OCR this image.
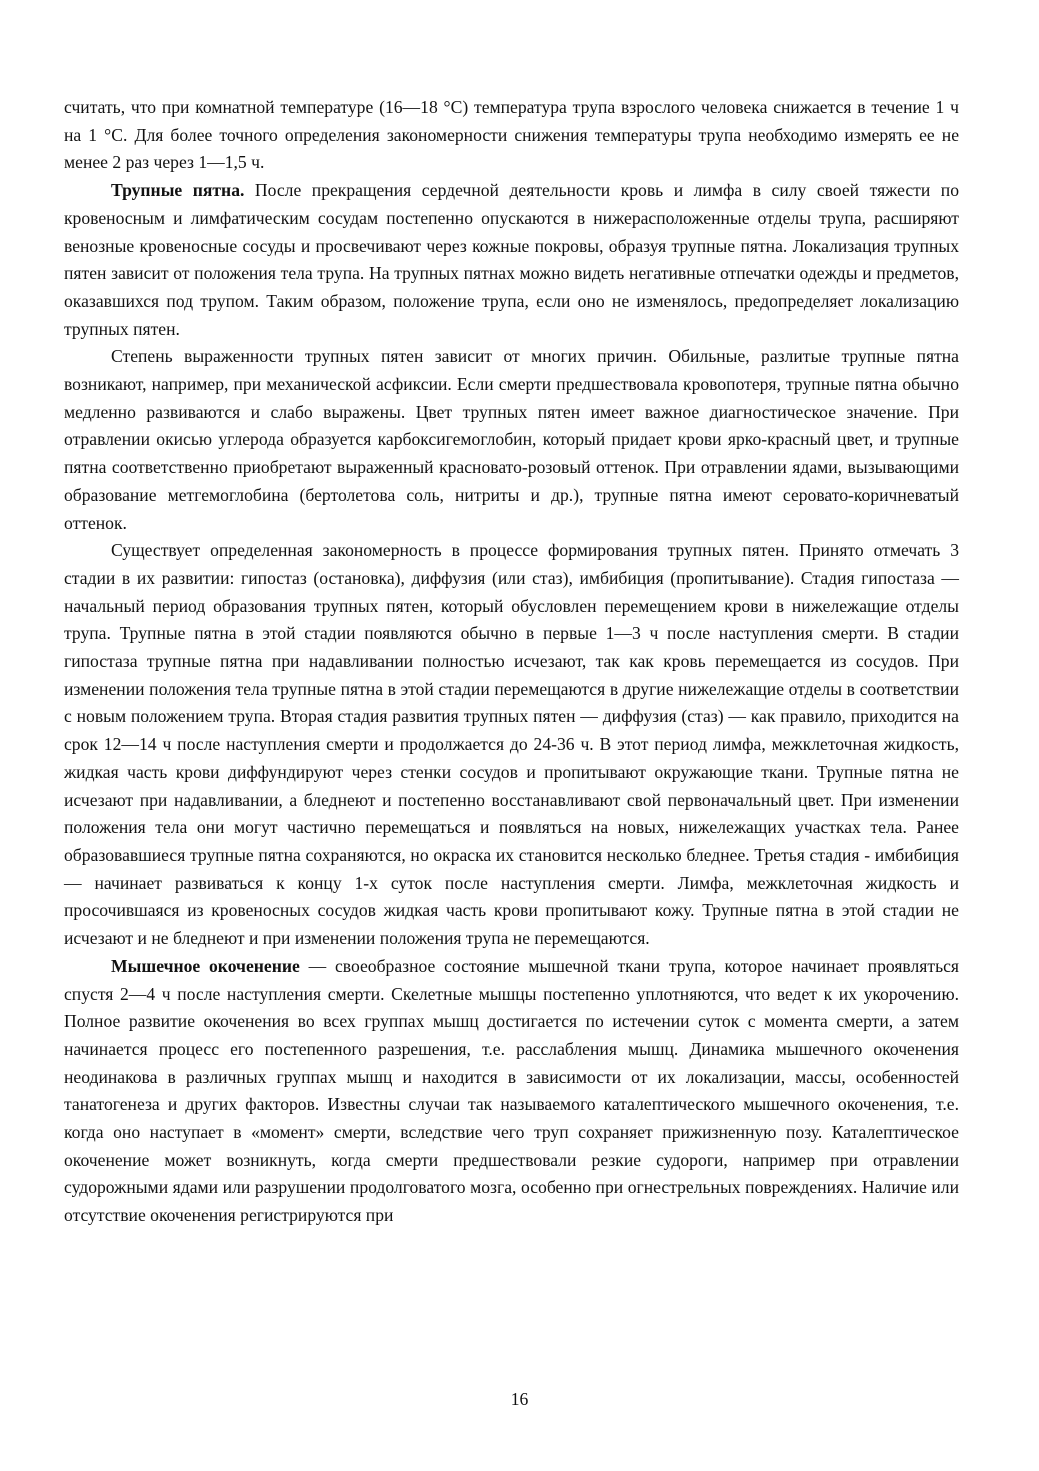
считать, что при комнатной температуре (16—18 °С) температура трупа взрослого человека снижается в течение 1 ч на 1 °С. Для более точного определения закономерности снижения температуры трупа необходимо измерять ее не менее 2 раз через 1—1,5 ч.

Трупные пятна. После прекращения сердечной деятельности кровь и лимфа в силу своей тяжести по кровеносным и лимфатическим сосудам постепенно опускаются в нижерасположенные отделы трупа, расширяют венозные кровеносные сосуды и просвечивают через кожные покровы, образуя трупные пятна. Локализация трупных пятен зависит от положения тела трупа. На трупных пятнах можно видеть негативные отпечатки одежды и предметов, оказавшихся под трупом. Таким образом, положение трупа, если оно не изменялось, предопределяет локализацию трупных пятен.

Степень выраженности трупных пятен зависит от многих причин. Обильные, разлитые трупные пятна возникают, например, при механической асфиксии. Если смерти предшествовала кровопотеря, трупные пятна обычно медленно развиваются и слабо выражены. Цвет трупных пятен имеет важное диагностическое значение. При отравлении окисью углерода образуется карбоксигемоглобин, который придает крови ярко-красный цвет, и трупные пятна соответственно приобретают выраженный красновато-розовый оттенок. При отравлении ядами, вызывающими образование метгемоглобина (бертолетова соль, нитриты и др.), трупные пятна имеют серовато-коричневатый оттенок.

Существует определенная закономерность в процессе формирования трупных пятен. Принято отмечать 3 стадии в их развитии: гипостаз (остановка), диффузия (или стаз), имбибиция (пропитывание). Стадия гипостаза — начальный период образования трупных пятен, который обусловлен перемещением крови в нижележащие отделы трупа. Трупные пятна в этой стадии появляются обычно в первые 1—3 ч после наступления смерти. В стадии гипостаза трупные пятна при надавливании полностью исчезают, так как кровь перемещается из сосудов. При изменении положения тела трупные пятна в этой стадии перемещаются в другие нижележащие отделы в соответствии с новым положением трупа. Вторая стадия развития трупных пятен — диффузия (стаз) — как правило, приходится на срок 12—14 ч после наступления смерти и продолжается до 24-36 ч. В этот период лимфа, межклеточная жидкость, жидкая часть крови диффундируют через стенки сосудов и пропитывают окружающие ткани. Трупные пятна не исчезают при надавливании, а бледнеют и постепенно восстанавливают свой первоначальный цвет. При изменении положения тела они могут частично перемещаться и появляться на новых, нижележащих участках тела. Ранее образовавшиеся трупные пятна сохраняются, но окраска их становится несколько бледнее. Третья стадия - имбибиция — начинает развиваться к концу 1-х суток после наступления смерти. Лимфа, межклеточная жидкость и просочившаяся из кровеносных сосудов жидкая часть крови пропитывают кожу. Трупные пятна в этой стадии не исчезают и не бледнеют и при изменении положения трупа не перемещаются.

Мышечное окоченение — своеобразное состояние мышечной ткани трупа, которое начинает проявляться спустя 2—4 ч после наступления смерти. Скелетные мышцы постепенно уплотняются, что ведет к их укорочению. Полное развитие окоченения во всех группах мышц достигается по истечении суток с момента смерти, а затем начинается процесс его постепенного разрешения, т.е. расслабления мышц. Динамика мышечного окоченения неодинакова в различных группах мышц и находится в зависимости от их локализации, массы, особенностей танатогенеза и других факторов. Известны случаи так называемого каталептического мышечного окоченения, т.е. когда оно наступает в «момент» смерти, вследствие чего труп сохраняет прижизненную позу. Каталептическое окоченение может возникнуть, когда смерти предшествовали резкие судороги, например при отравлении судорожными ядами или разрушении продолговатого мозга, особенно при огнестрельных повреждениях. Наличие или отсутствие окоченения регистрируются при

16
